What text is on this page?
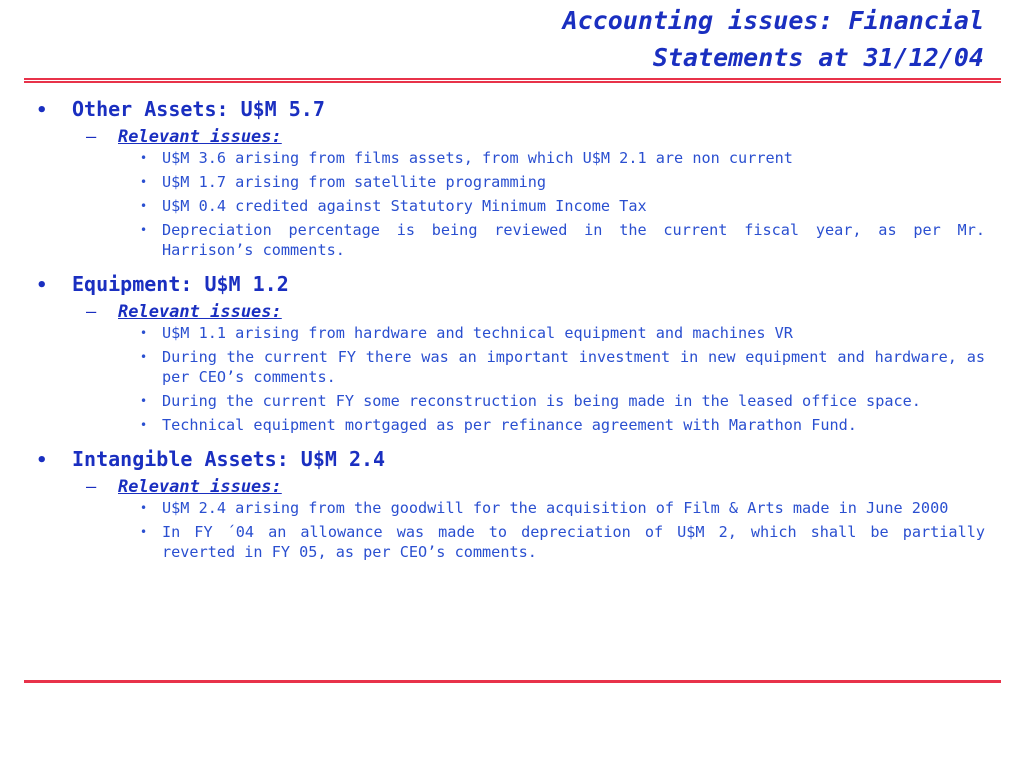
Accounting issues: Financial
Statements at 31/12/04
•	Other Assets: U$M 5.7
–	Relevant issues:
• U$M 3.6 arising from films assets, from which U$M 2.1 are non current
• U$M 1.7 arising from satellite programming
• U$M 0.4 credited against Statutory Minimum Income Tax
• Depreciation percentage is being reviewed in the current fiscal year, as per Mr. Harrison’s comments.
•	Equipment: U$M 1.2
–	Relevant issues:
• U$M 1.1 arising from hardware and technical equipment and machines VR
• During the current FY there was an important investment in new equipment and hardware, as per CEO’s comments.
• During the current FY some reconstruction is being made in the leased office space.
• Technical equipment mortgaged as per refinance agreement with Marathon Fund.
•	Intangible Assets: U$M 2.4
–	Relevant issues:
• U$M 2.4 arising from the goodwill for the acquisition of Film & Arts made in June 2000
• In FY ´04 an allowance was made to depreciation of U$M 2, which shall be partially reverted in FY 05, as per CEO’s comments.
